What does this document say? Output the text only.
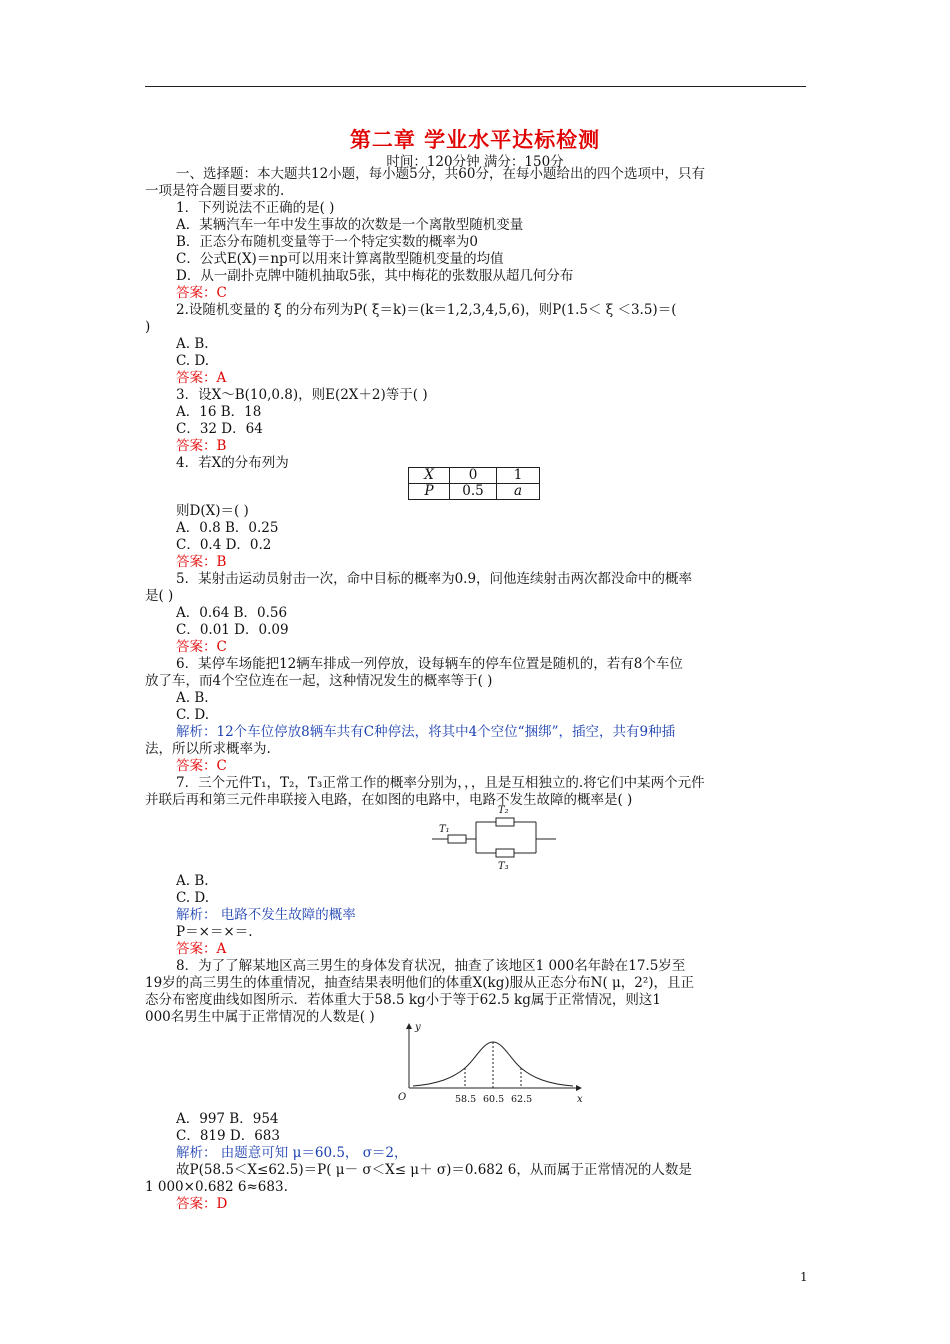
第二章 学业水平达标检测
时间：120分钟 满分：150分
一、选择题：本大题共12小题，每小题5分，共60分，在每小题给出的四个选项中，只有
一项是符合题目要求的.
1．下列说法不正确的是( )
A．某辆汽车一年中发生事故的次数是一个离散型随机变量
B．正态分布随机变量等于一个特定实数的概率为0
C．公式E(X)＝np可以用来计算离散型随机变量的均值
D．从一副扑克牌中随机抽取5张，其中梅花的张数服从超几何分布
答案：C
2.设随机变量的 ξ 的分布列为P( ξ＝k)＝(k＝1,2,3,4,5,6)，则P(1.5＜ ξ ＜3.5)＝(
)
A. B.
C. D.
答案：A
3．设X～B(10,0.8)，则E(2X＋2)等于( )
A．16 B．18
C．32 D．64
答案：B
4．若X的分布列为
X	0	1
P	0.5	a
则D(X)＝( )
A．0.8 B．0.25
C．0.4 D．0.2
答案：B
5．某射击运动员射击一次，命中目标的概率为0.9，问他连续射击两次都没命中的概率
是( )
A．0.64 B．0.56
C．0.01 D．0.09
答案：C
6．某停车场能把12辆车排成一列停放，设每辆车的停车位置是随机的，若有8个车位
放了车，而4个空位连在一起，这种情况发生的概率等于( )
A. B.
C. D.
解析：12个车位停放8辆车共有C种停法，将其中4个空位“捆绑”，插空，共有9种插
法，所以所求概率为.
答案：C
7．三个元件T₁，T₂，T₃正常工作的概率分别为，，，且是互相独立的.将它们中某两个元件
并联后再和第三元件串联接入电路，在如图的电路中，电路不发生故障的概率是( )
T₁
T₂
T₃
A. B.
C. D.
解析： 电路不发生故障的概率
P＝×＝×＝.
答案：A
8．为了了解某地区高三男生的身体发育状况，抽查了该地区1 000名年龄在17.5岁至
19岁的高三男生的体重情况，抽查结果表明他们的体重X(kg)服从正态分布N( μ，2²)，且正
态分布密度曲线如图所示．若体重大于58.5 kg小于等于62.5 kg属于正常情况，则这1
000名男生中属于正常情况的人数是( )
y
O	x
58.5 60.5 62.5
A．997 B．954
C．819 D．683
解析： 由题意可知 μ＝60.5， σ＝2，
故P(58.5＜X≤62.5)＝P( μ－ σ＜X≤ μ＋ σ)＝0.682 6，从而属于正常情况的人数是
1 000×0.682 6≈683.
答案：D
1
